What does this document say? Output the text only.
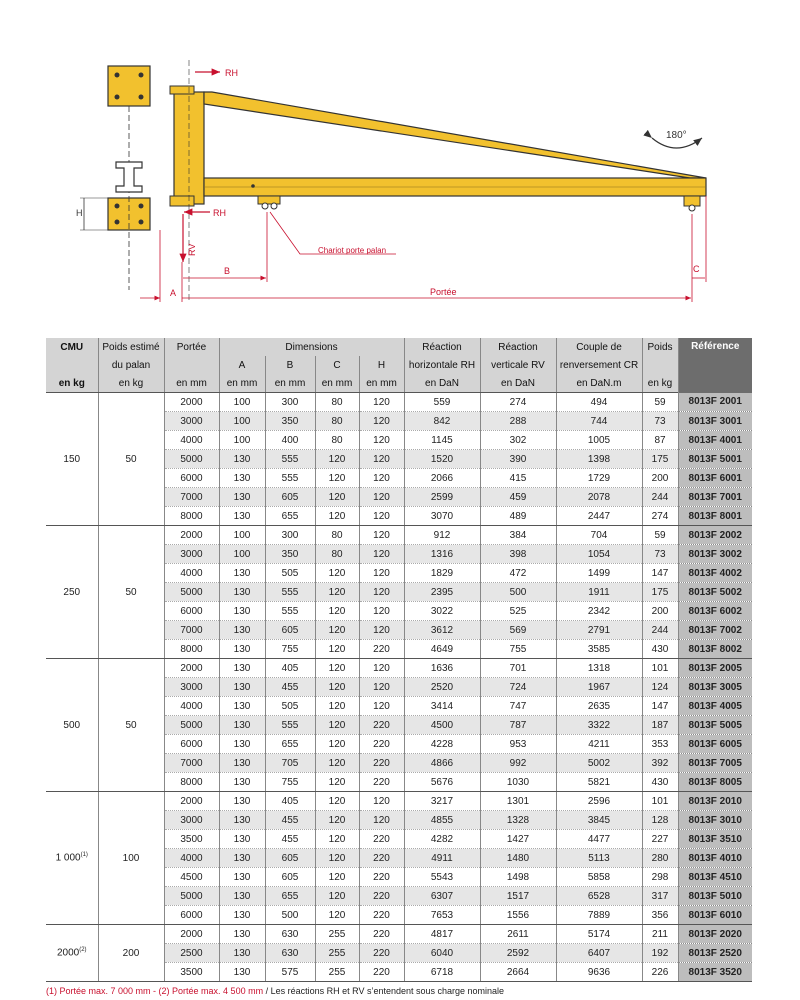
H
180°
RH
RH
RV	Chariot porte palan
B	C
A	Portée
CMU	Poids estimé	Portée	Dimensions				Réaction	Réaction	Couple de	Poids	Référence
	du palan		A	B	C	H	horizontale RH	verticale RV	renversement CR		
en kg	en kg	en mm	en mm	en mm	en mm	en mm	en DaN	en DaN	en DaN.m	en kg	
150	50	2000	100	300	80	120	559	274	494	59	8013F 2001
		3000	100	350	80	120	842	288	744	73	8013F 3001
		4000	100	400	80	120	1145	302	1005	87	8013F 4001
		5000	130	555	120	120	1520	390	1398	175	8013F 5001
		6000	130	555	120	120	2066	415	1729	200	8013F 6001
		7000	130	605	120	120	2599	459	2078	244	8013F 7001
		8000	130	655	120	120	3070	489	2447	274	8013F 8001
250	50	2000	100	300	80	120	912	384	704	59	8013F 2002
		3000	100	350	80	120	1316	398	1054	73	8013F 3002
		4000	130	505	120	120	1829	472	1499	147	8013F 4002
		5000	130	555	120	120	2395	500	1911	175	8013F 5002
		6000	130	555	120	120	3022	525	2342	200	8013F 6002
		7000	130	605	120	120	3612	569	2791	244	8013F 7002
		8000	130	755	120	220	4649	755	3585	430	8013F 8002
500	50	2000	130	405	120	120	1636	701	1318	101	8013F 2005
		3000	130	455	120	120	2520	724	1967	124	8013F 3005
		4000	130	505	120	120	3414	747	2635	147	8013F 4005
		5000	130	555	120	220	4500	787	3322	187	8013F 5005
		6000	130	655	120	220	4228	953	4211	353	8013F 6005
		7000	130	705	120	220	4866	992	5002	392	8013F 7005
		8000	130	755	120	220	5676	1030	5821	430	8013F 8005
1 000$^{(1)}$	100	2000	130	405	120	120	3217	1301	2596	101	8013F 2010
		3000	130	455	120	120	4855	1328	3845	128	8013F 3010
		3500	130	455	120	220	4282	1427	4477	227	8013F 3510
		4000	130	605	120	220	4911	1480	5113	280	8013F 4010
		4500	130	605	120	220	5543	1498	5858	298	8013F 4510
		5000	130	655	120	220	6307	1517	6528	317	8013F 5010
		6000	130	500	120	220	7653	1556	7889	356	8013F 6010
2000$^{(2)}$	200	2000	130	630	255	220	4817	2611	5174	211	8013F 2020
		2500	130	630	255	220	6040	2592	6407	192	8013F 2520
		3500	130	575	255	220	6718	2664	9636	226	8013F 3520
(1) Portée max. 7 000 mm - (2) Portée max. 4 500 mm / Les réactions RH et RV s’entendent sous charge nominale
